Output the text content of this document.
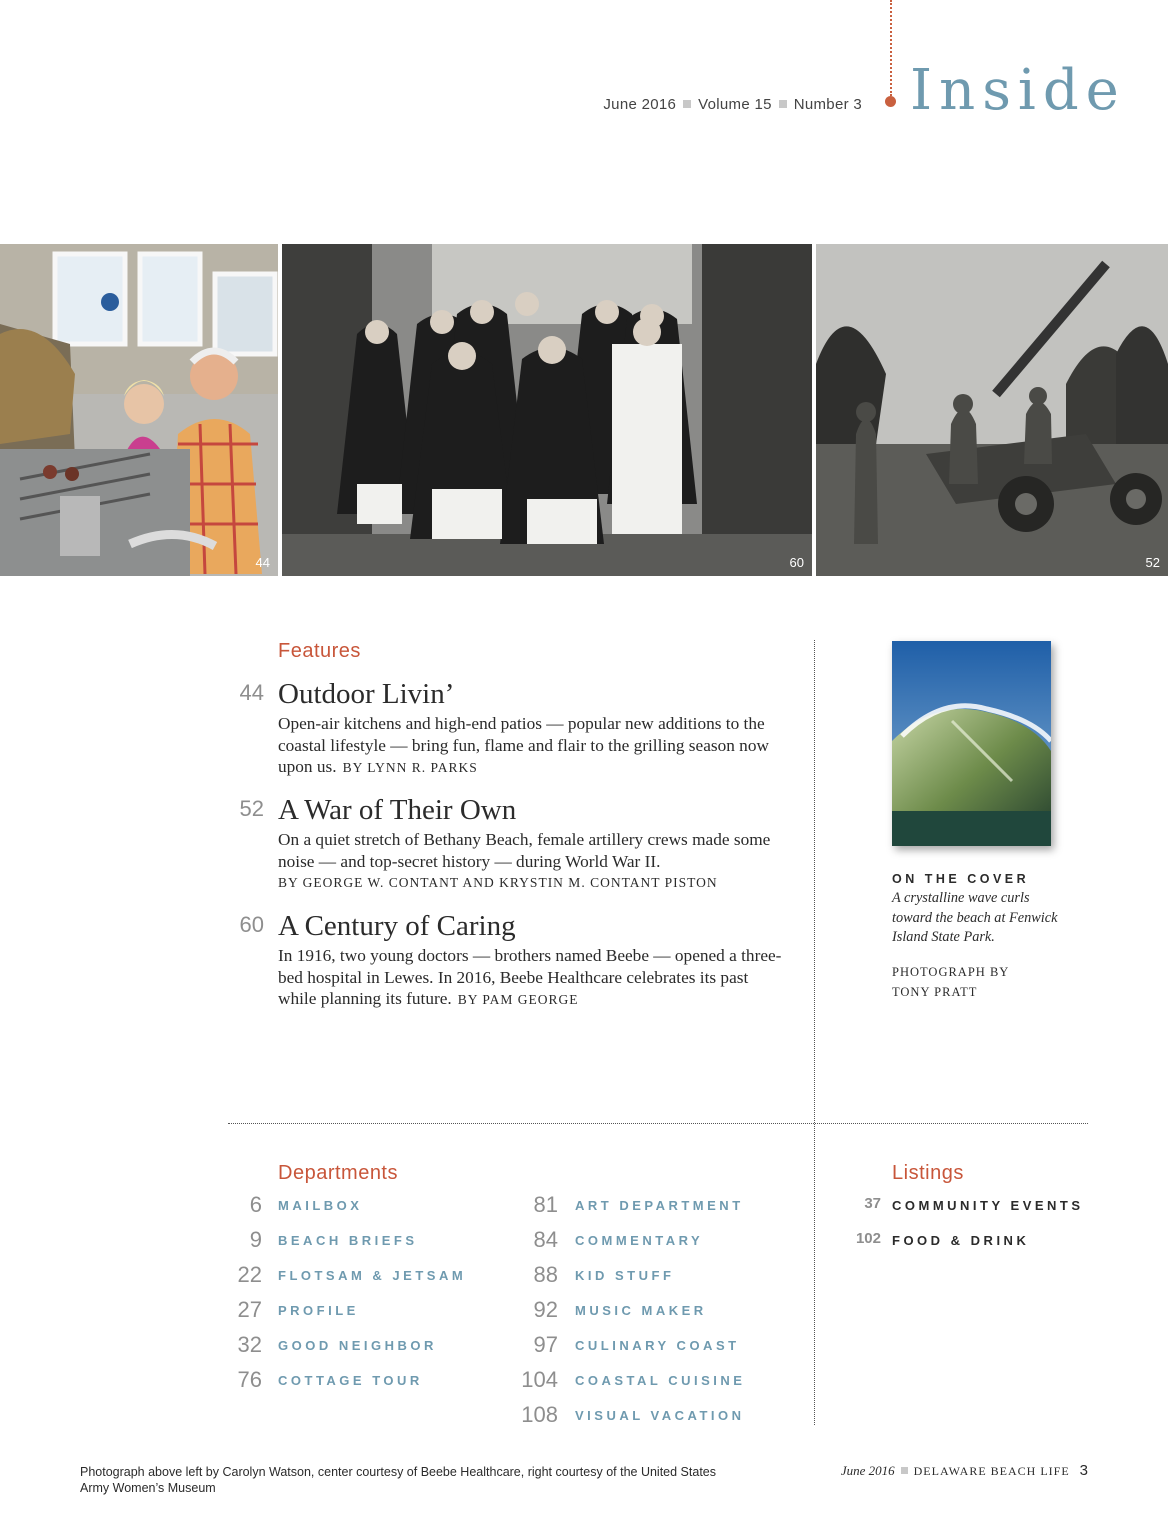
June 2016 Volume 15 Number 3 Inside
44	60	52
Features
44 Outdoor Livin’
Open-air kitchens and high-end patios — popular new additions to the coastal lifestyle — bring fun, flame and flair to the grilling season now upon us. BY LYNN R. PARKS
52 A War of Their Own
On a quiet stretch of Bethany Beach, female artillery crews made some noise — and top-secret history — during World War II.
BY GEORGE W. CONTANT AND KRYSTIN M. CONTANT PISTON
60 A Century of Caring
In 1916, two young doctors — brothers named Beebe — opened a three-bed hospital in Lewes. In 2016, Beebe Healthcare celebrates its past while planning its future. BY PAM GEORGE
ON THE COVER
A crystalline wave curls toward the beach at Fenwick Island State Park.
PHOTOGRAPH BY
TONY PRATT
Departments
6 MAILBOX
9 BEACH BRIEFS
22 FLOTSAM & JETSAM
27 PROFILE
32 GOOD NEIGHBOR
76 COTTAGE TOUR
81 ART DEPARTMENT
84 COMMENTARY
88 KID STUFF
92 MUSIC MAKER
97 CULINARY COAST
104 COASTAL CUISINE
108 VISUAL VACATION
Listings
37 COMMUNITY EVENTS
102 FOOD & DRINK
Photograph above left by Carolyn Watson, center courtesy of Beebe Healthcare, right courtesy of the United States Army Women’s Museum
June 2016 DELAWARE BEACH LIFE 3
